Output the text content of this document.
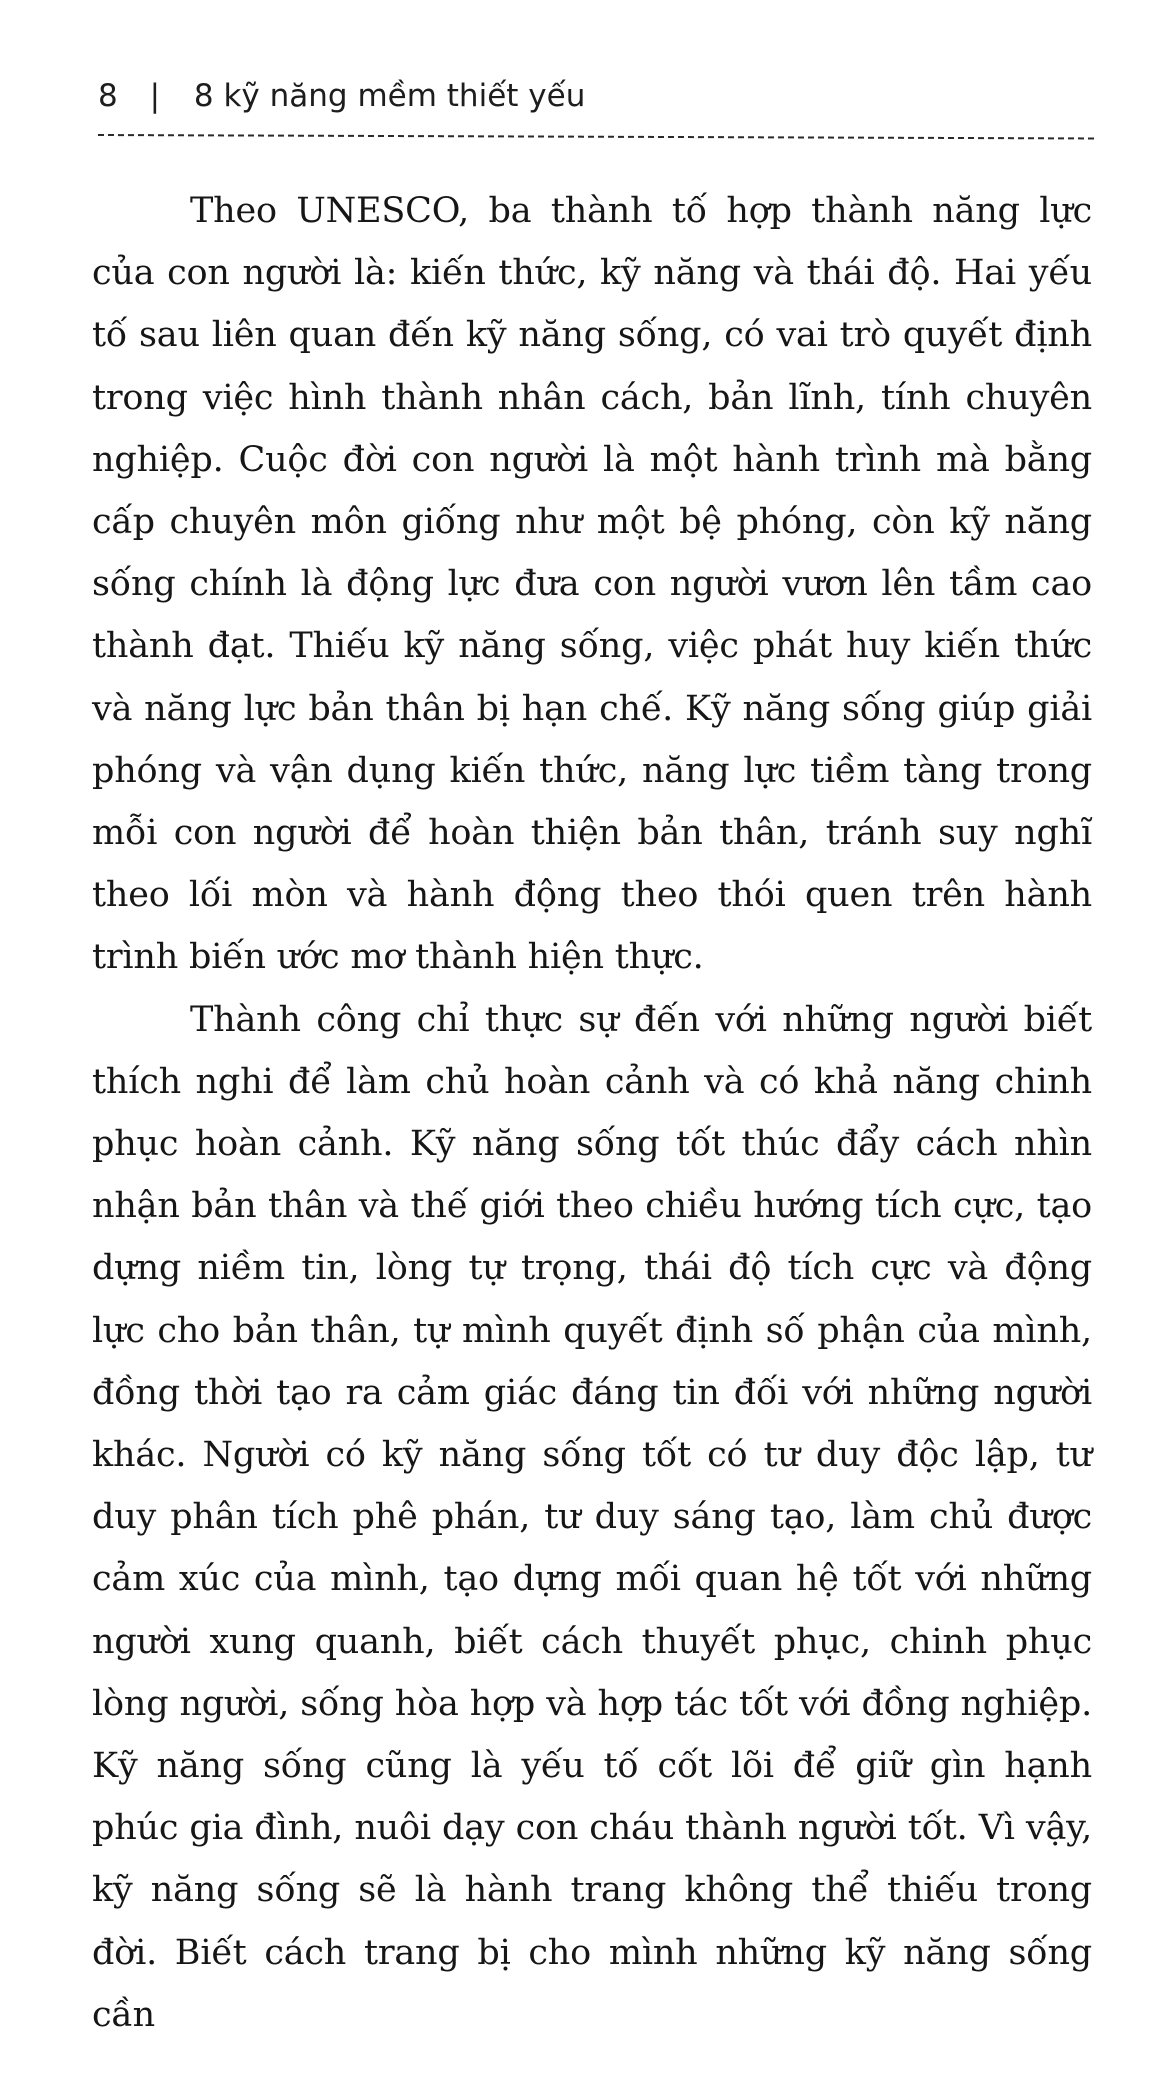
8 | 8 kỹ năng mềm thiết yếu

Theo UNESCO, ba thành tố hợp thành năng lực của con người là: kiến thức, kỹ năng và thái độ. Hai yếu tố sau liên quan đến kỹ năng sống, có vai trò quyết định trong việc hình thành nhân cách, bản lĩnh, tính chuyên nghiệp. Cuộc đời con người là một hành trình mà bằng cấp chuyên môn giống như một bệ phóng, còn kỹ năng sống chính là động lực đưa con người vươn lên tầm cao thành đạt. Thiếu kỹ năng sống, việc phát huy kiến thức và năng lực bản thân bị hạn chế. Kỹ năng sống giúp giải phóng và vận dụng kiến thức, năng lực tiềm tàng trong mỗi con người để hoàn thiện bản thân, tránh suy nghĩ theo lối mòn và hành động theo thói quen trên hành trình biến ước mơ thành hiện thực.

Thành công chỉ thực sự đến với những người biết thích nghi để làm chủ hoàn cảnh và có khả năng chinh phục hoàn cảnh. Kỹ năng sống tốt thúc đẩy cách nhìn nhận bản thân và thế giới theo chiều hướng tích cực, tạo dựng niềm tin, lòng tự trọng, thái độ tích cực và động lực cho bản thân, tự mình quyết định số phận của mình, đồng thời tạo ra cảm giác đáng tin đối với những người khác. Người có kỹ năng sống tốt có tư duy độc lập, tư duy phân tích phê phán, tư duy sáng tạo, làm chủ được cảm xúc của mình, tạo dựng mối quan hệ tốt với những người xung quanh, biết cách thuyết phục, chinh phục lòng người, sống hòa hợp và hợp tác tốt với đồng nghiệp. Kỹ năng sống cũng là yếu tố cốt lõi để giữ gìn hạnh phúc gia đình, nuôi dạy con cháu thành người tốt. Vì vậy, kỹ năng sống sẽ là hành trang không thể thiếu trong đời. Biết cách trang bị cho mình những kỹ năng sống cần
